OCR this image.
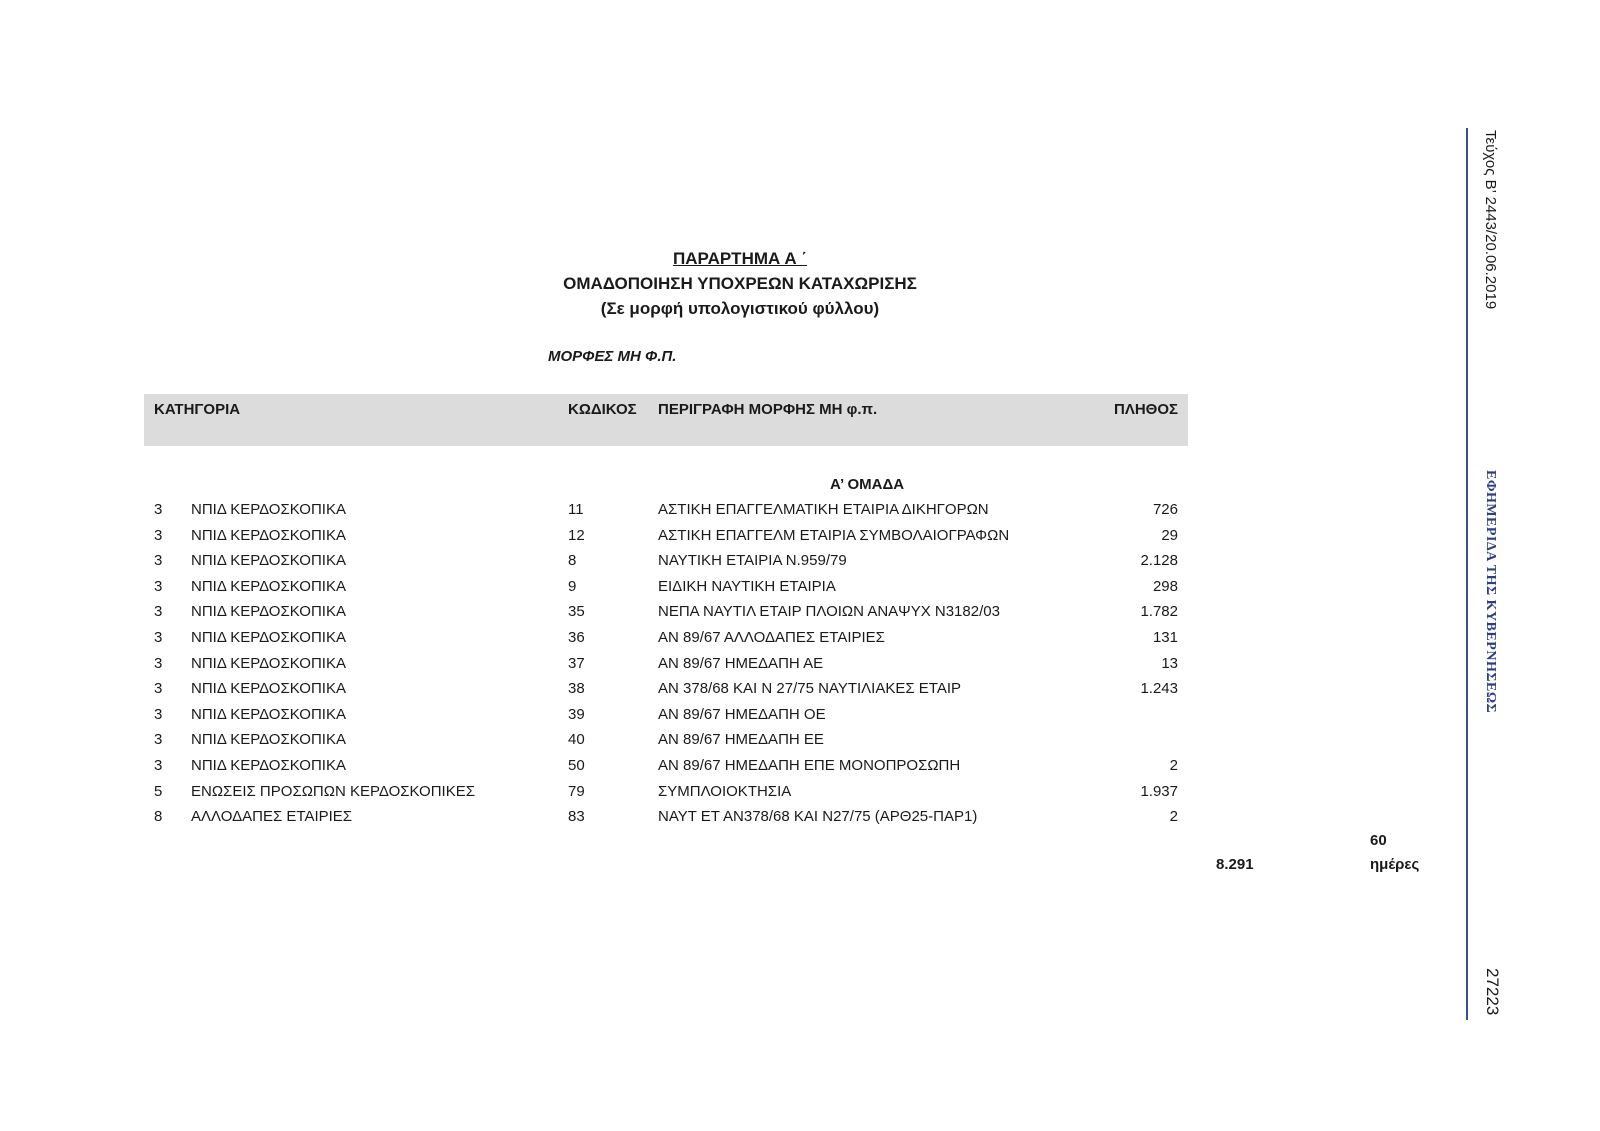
ΠΑΡΑΡΤΗΜΑ Α ΄
ΟΜΑΔΟΠΟΙΗΣΗ ΥΠΟΧΡΕΩΝ ΚΑΤΑΧΩΡΙΣΗΣ
(Σε μορφή υπολογιστικού φύλλου)
ΜΟΡΦΕΣ ΜΗ Φ.Π.
ΚΑΤΗΓΟΡΙΑ	ΚΩΔΙΚΟΣ ΠΕΡΙΓΡΑΦΗ ΜΟΡΦΗΣ ΜΗ φ.π.	ΠΛΗΘΟΣ
Α’ ΟΜΑΔΑ
3 ΝΠΙΔ ΚΕΡΔΟΣΚΟΠΙΚΑ	11	ΑΣΤΙΚΗ ΕΠΑΓΓΕΛΜΑΤΙΚΗ ΕΤΑΙΡΙΑ ΔΙΚΗΓΟΡΩΝ	726
3 ΝΠΙΔ ΚΕΡΔΟΣΚΟΠΙΚΑ	12	ΑΣΤΙΚΗ ΕΠΑΓΓΕΛΜ ΕΤΑΙΡΙΑ ΣΥΜΒΟΛΑΙΟΓΡΑΦΩΝ	29
3 ΝΠΙΔ ΚΕΡΔΟΣΚΟΠΙΚΑ	8	ΝΑΥΤΙΚΗ ΕΤΑΙΡΙΑ Ν.959/79	2.128
3 ΝΠΙΔ ΚΕΡΔΟΣΚΟΠΙΚΑ	9	ΕΙΔΙΚΗ ΝΑΥΤΙΚΗ ΕΤΑΙΡΙΑ	298
3 ΝΠΙΔ ΚΕΡΔΟΣΚΟΠΙΚΑ	35	ΝΕΠΑ ΝΑΥΤΙΛ ΕΤΑΙΡ ΠΛΟΙΩΝ ΑΝΑΨΥΧ Ν3182/03	1.782
3 ΝΠΙΔ ΚΕΡΔΟΣΚΟΠΙΚΑ	36	ΑΝ 89/67 ΑΛΛΟΔΑΠΕΣ ΕΤΑΙΡΙΕΣ	131
3 ΝΠΙΔ ΚΕΡΔΟΣΚΟΠΙΚΑ	37	ΑΝ 89/67 ΗΜΕΔΑΠΗ ΑΕ	13
3 ΝΠΙΔ ΚΕΡΔΟΣΚΟΠΙΚΑ	38	ΑΝ 378/68 ΚΑΙ Ν 27/75 ΝΑΥΤΙΛΙΑΚΕΣ ΕΤΑΙΡ	1.243
3 ΝΠΙΔ ΚΕΡΔΟΣΚΟΠΙΚΑ	39	ΑΝ 89/67 ΗΜΕΔΑΠΗ ΟΕ
3 ΝΠΙΔ ΚΕΡΔΟΣΚΟΠΙΚΑ	40	ΑΝ 89/67 ΗΜΕΔΑΠΗ ΕΕ
3 ΝΠΙΔ ΚΕΡΔΟΣΚΟΠΙΚΑ	50	ΑΝ 89/67 ΗΜΕΔΑΠΗ ΕΠΕ ΜΟΝΟΠΡΟΣΩΠΗ	2
5 ΕΝΩΣΕΙΣ ΠΡΟΣΩΠΩΝ ΚΕΡΔΟΣΚΟΠΙΚΕΣ	79	ΣΥΜΠΛΟΙΟΚΤΗΣΙΑ	1.937
8 ΑΛΛΟΔΑΠΕΣ ΕΤΑΙΡΙΕΣ	83	ΝΑΥΤ ΕΤ ΑΝ378/68 ΚΑΙ Ν27/75 (ΑΡΘ25-ΠΑΡ1)	2
60
8.291	ημέρες
Τεύχος Β’ 2443/20.06.2019
ΕΦΗΜΕΡΙΔΑ ΤΗΣ ΚΥΒΕΡΝΗΣΕΩΣ
27223
